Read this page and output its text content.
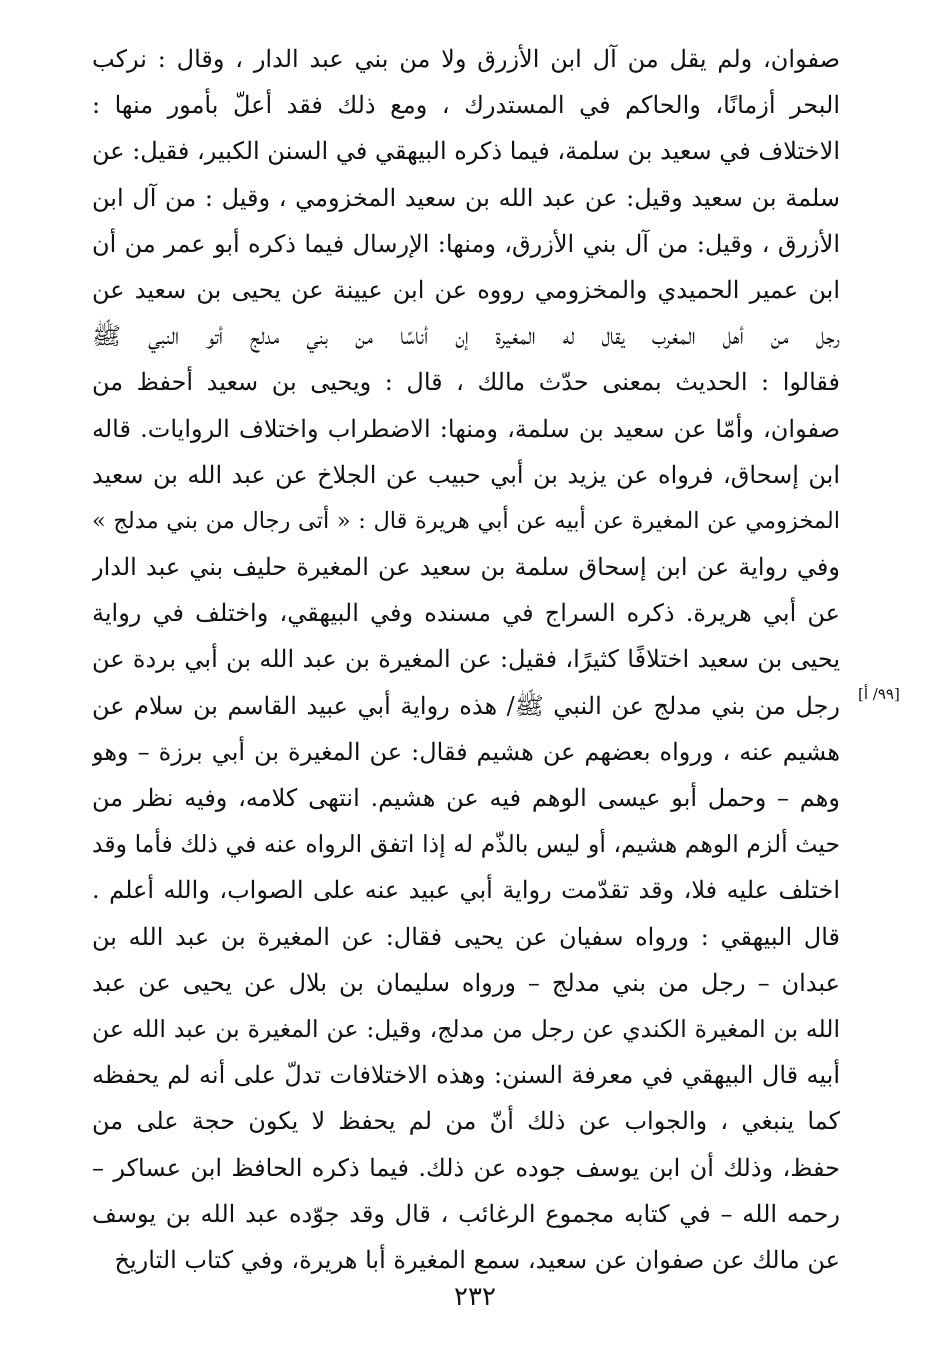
صفوان، ولم يقل من آل ابن الأزرق ولا من بني عبد الدار ، وقال : نركب
البحر أزمانًا، والحاكم في المستدرك ، ومع ذلك فقد أعلّ بأمور منها :
الاختلاف في سعيد بن سلمة، فيما ذكره البيهقي في السنن الكبير، فقيل: عن
سلمة بن سعيد وقيل: عن عبد الله بن سعيد المخزومي ، وقيل : من آل ابن
الأزرق ، وقيل: من آل بني الأزرق، ومنها: الإرسال فيما ذكره أبو عمر من أن
ابن عمير الحميدي والمخزومي رووه عن ابن عيينة عن يحيى بن سعيد عن
رجل من أهل المغرب يقال له المغيرة إن أناسًا من بني مدلج أتو النبي ﷺ
فقالوا : الحديث بمعنى حدّث مالك ، قال : ويحيى بن سعيد أحفظ من
صفوان، وأمّا عن سعيد بن سلمة، ومنها: الاضطراب واختلاف الروايات. قاله
ابن إسحاق، فرواه عن يزيد بن أبي حبيب عن الجلاخ عن عبد الله بن سعيد
المخزومي عن المغيرة عن أبيه عن أبي هريرة قال : « أتى رجال من بني مدلج »
وفي رواية عن ابن إسحاق سلمة بن سعيد عن المغيرة حليف بني عبد الدار
عن أبي هريرة. ذكره السراج في مسنده وفي البيهقي، واختلف في رواية
يحيى بن سعيد اختلافًا كثيرًا، فقيل: عن المغيرة بن عبد الله بن أبي بردة عن
رجل من بني مدلج عن النبي ﷺ/ هذه رواية أبي عبيد القاسم بن سلام عن
هشيم عنه ، ورواه بعضهم عن هشيم فقال: عن المغيرة بن أبي برزة – وهو
وهم – وحمل أبو عيسى الوهم فيه عن هشيم. انتهى كلامه، وفيه نظر من
حيث ألزم الوهم هشيم، أو ليس بالذّم له إذا اتفق الرواه عنه في ذلك فأما وقد
اختلف عليه فلا، وقد تقدّمت رواية أبي عبيد عنه على الصواب، والله أعلم .
قال البيهقي : ورواه سفيان عن يحيى فقال: عن المغيرة بن عبد الله بن
عبدان – رجل من بني مدلج – ورواه سليمان بن بلال عن يحيى عن عبد
الله بن المغيرة الكندي عن رجل من مدلج، وقيل: عن المغيرة بن عبد الله عن
أبيه قال البيهقي في معرفة السنن: وهذه الاختلافات تدلّ على أنه لم يحفظه
كما ينبغي ، والجواب عن ذلك أنّ من لم يحفظ لا يكون حجة على من
حفظ، وذلك أن ابن يوسف جوده عن ذلك. فيما ذكره الحافظ ابن عساكر –
رحمه الله – في كتابه مجموع الرغائب ، قال وقد جوّده عبد الله بن يوسف
عن مالك عن صفوان عن سعيد، سمع المغيرة أبا هريرة، وفي كتاب التاريخ
[٩٩/ أ]
٢٣٢
